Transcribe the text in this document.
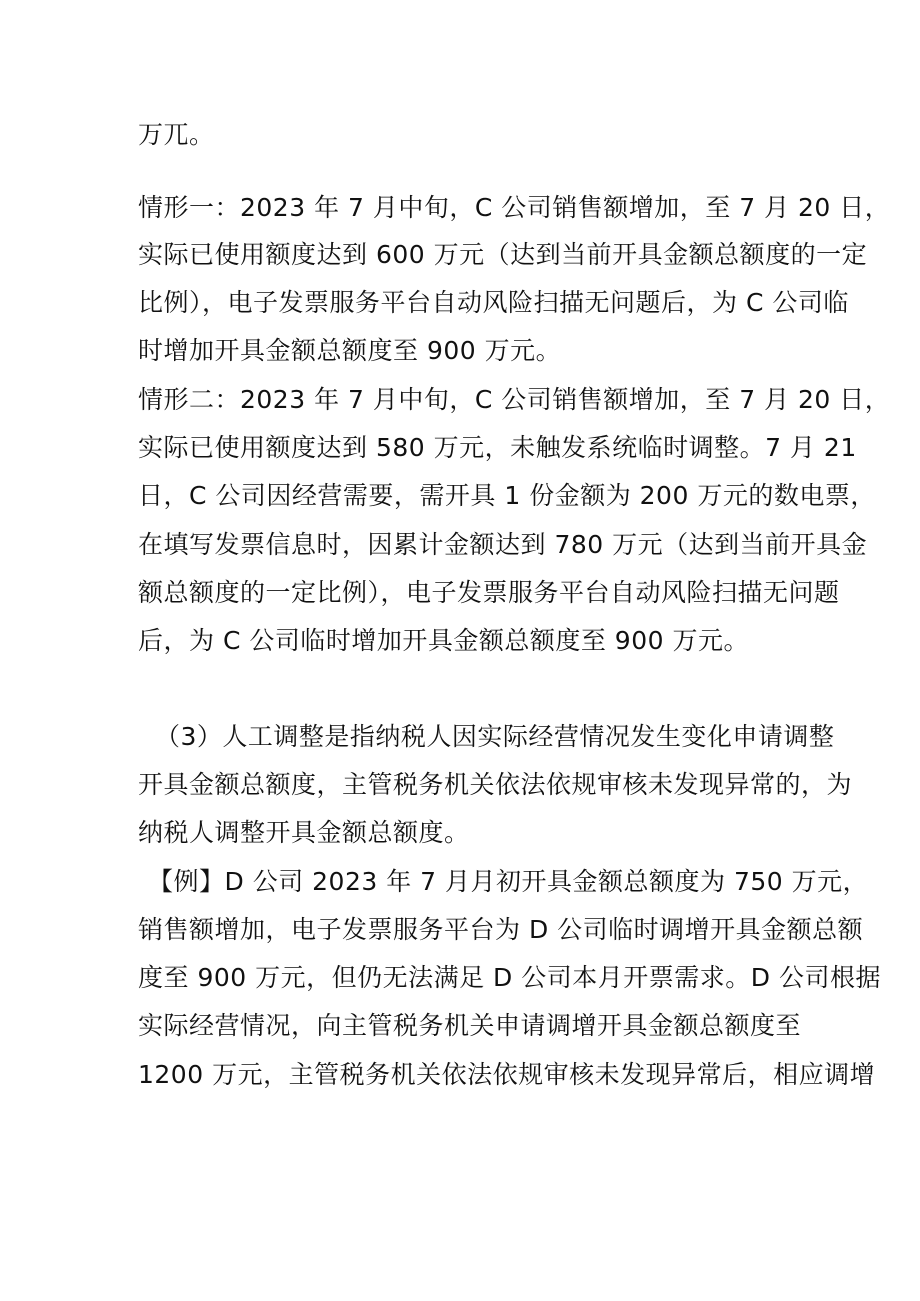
万兀。
情形一：2023 年 7 月中旬，C 公司销售额增加，至 7 月 20 日，
实际已使用额度达到 600 万元（达到当前开具金额总额度的一定
比例），电子发票服务平台自动风险扫描无问题后，为 C 公司临
时增加开具金额总额度至 900 万元。
情形二：2023 年 7 月中旬，C 公司销售额增加，至 7 月 20 日，
实际已使用额度达到 580 万元，未触发系统临时调整。7 月 21
日，C 公司因经营需要，需开具 1 份金额为 200 万元的数电票，
在填写发票信息时，因累计金额达到 780 万元（达到当前开具金
额总额度的一定比例），电子发票服务平台自动风险扫描无问题
后，为 C 公司临时增加开具金额总额度至 900 万元。
（3）人工调整是指纳税人因实际经营情况发生变化申请调整
开具金额总额度，主管税务机关依法依规审核未发现异常的，为
纳税人调整开具金额总额度。
【例】D 公司 2023 年 7 月月初开具金额总额度为 750 万元，
销售额增加，电子发票服务平台为 D 公司临时调增开具金额总额
度至 900 万元，但仍无法满足 D 公司本月开票需求。D 公司根据
实际经营情况，向主管税务机关申请调增开具金额总额度至
1200 万元，主管税务机关依法依规审核未发现异常后，相应调增
